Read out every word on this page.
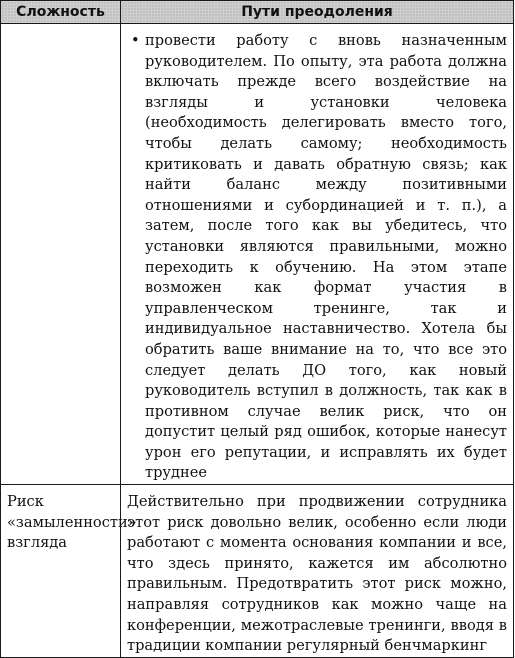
Сложность	Пути преодоления

	• провести работу с вновь назначенным руководителем. По опыту, эта работа должна включать прежде всего воздействие на взгляды и установки человека (необходимость делегировать вместо того, чтобы делать самому; необходимость критиковать и давать обратную связь; как найти баланс между позитивными отношениями и субординацией и т. п.), а затем, после того как вы убедитесь, что установки являются правильными, можно переходить к обучению. На этом этапе возможен как формат участия в управленческом тренинге, так и индивидуальное наставничество. Хотела бы обратить ваше внимание на то, что все это следует делать ДО того, как новый руководитель вступил в должность, так как в противном случае велик риск, что он допустит целый ряд ошибок, которые нанесут урон его репутации, и исправлять их будет труднее

Риск «замыленности» взгляда	Действительно при продвижении сотрудника этот риск довольно велик, особенно если люди работают с момента основания компании и все, что здесь принято, кажется им абсолютно правильным. Предотвратить этот риск можно, направляя сотрудников как можно чаще на конференции, межотраслевые тренинги, вводя в традиции компании регулярный бенчмаркинг
